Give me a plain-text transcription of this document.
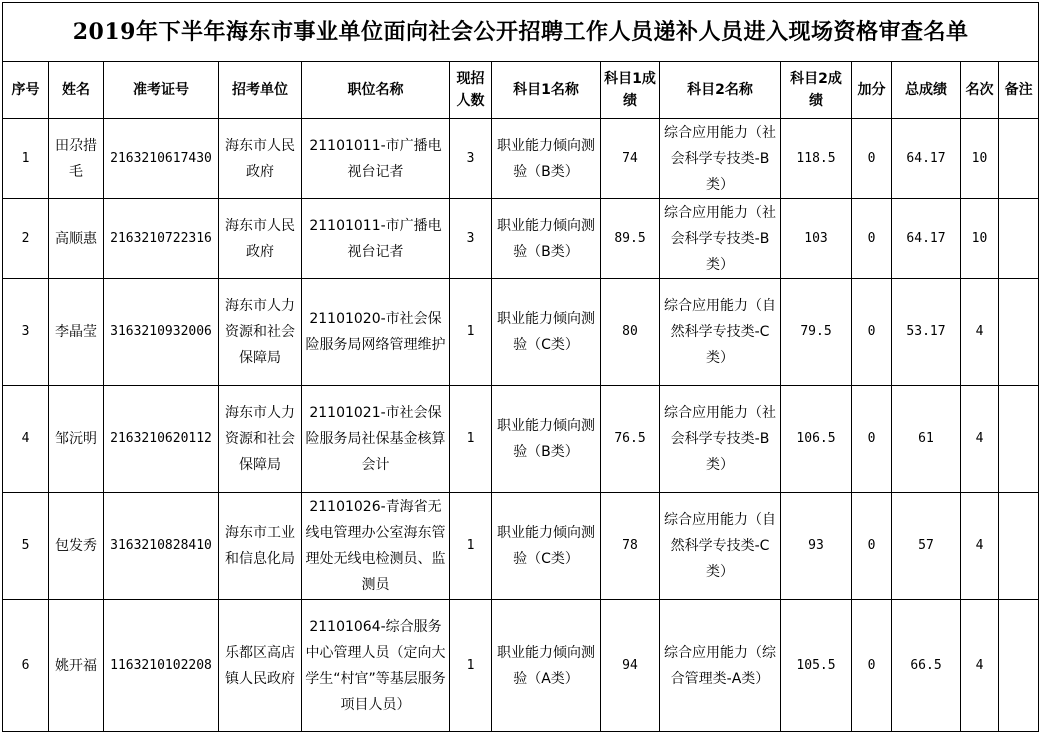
2019年下半年海东市事业单位面向社会公开招聘工作人员递补人员进入现场资格审查名单													
序号	姓名	准考证号	招考单位	职位名称	现招人数	科目1名称	科目1成绩	科目2名称	科目2成绩	加分	总成绩	名次	备注
1	田尕措毛	2163210617430	海东市人民政府	21101011-市广播电视台记者	3	职业能力倾向测验（B类）	74	综合应用能力（社会科学专技类-B类）	118.5	0	64.17	10	
2	高顺惠	2163210722316	海东市人民政府	21101011-市广播电视台记者	3	职业能力倾向测验（B类）	89.5	综合应用能力（社会科学专技类-B类）	103	0	64.17	10	
3	李晶莹	3163210932006	海东市人力资源和社会保障局	21101020-市社会保险服务局网络管理维护	1	职业能力倾向测验（C类）	80	综合应用能力（自然科学专技类-C类）	79.5	0	53.17	4	
4	邹沅明	2163210620112	海东市人力资源和社会保障局	21101021-市社会保险服务局社保基金核算会计	1	职业能力倾向测验（B类）	76.5	综合应用能力（社会科学专技类-B类）	106.5	0	61	4	
5	包发秀	3163210828410	海东市工业和信息化局	21101026-青海省无线电管理办公室海东管理处无线电检测员、监测员	1	职业能力倾向测验（C类）	78	综合应用能力（自然科学专技类-C类）	93	0	57	4	
6	姚开福	1163210102208	乐都区高店镇人民政府	21101064-综合服务中心管理人员（定向大学生“村官”等基层服务项目人员）	1	职业能力倾向测验（A类）	94	综合应用能力（综合管理类-A类）	105.5	0	66.5	4	
